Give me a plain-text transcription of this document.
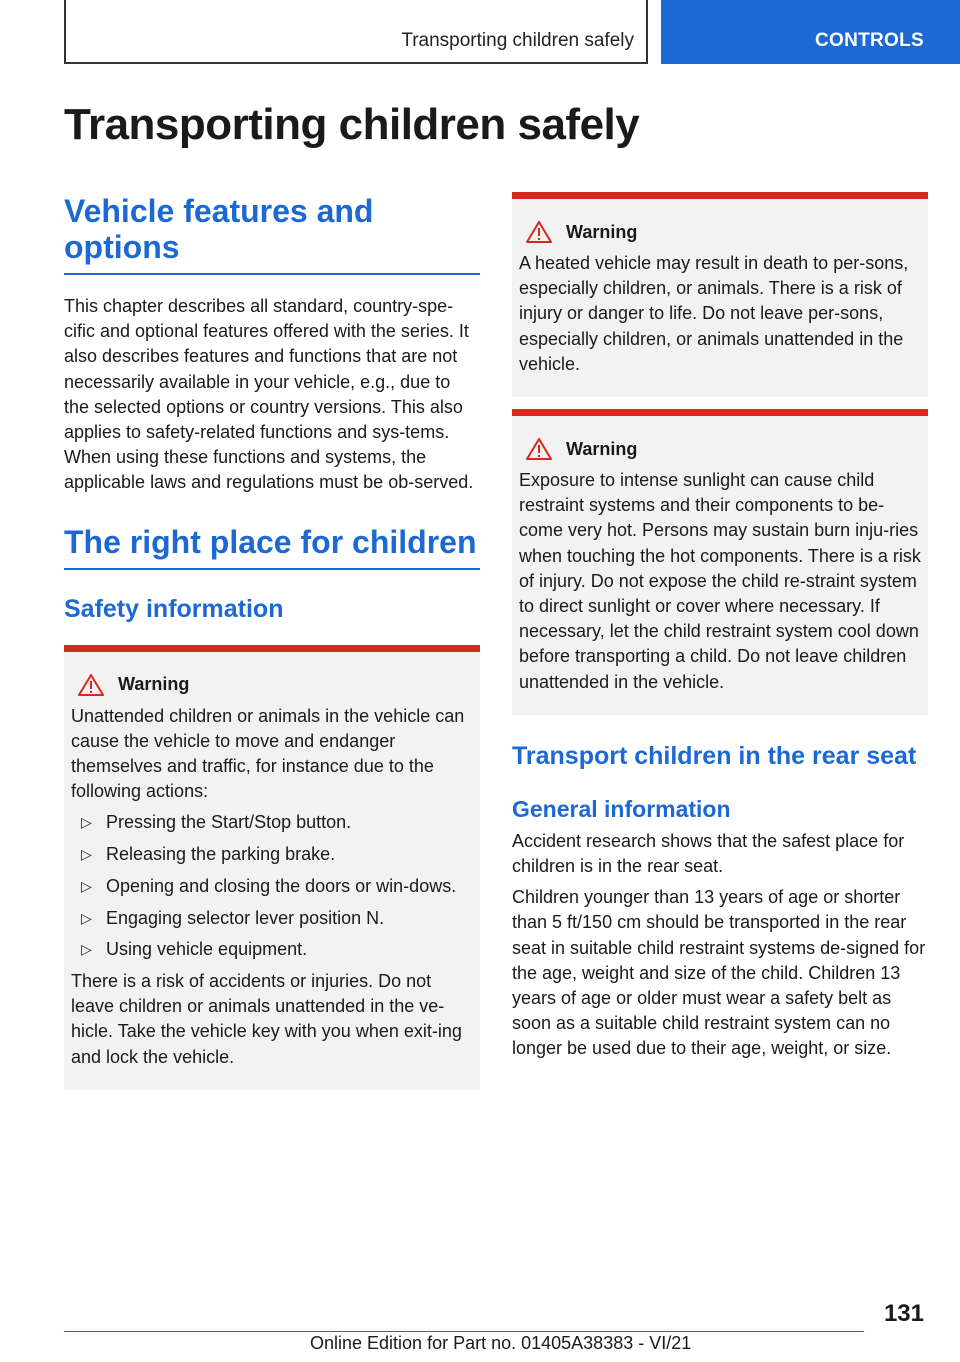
Transporting children safely	CONTROLS
Transporting children safely
Vehicle features and options

This chapter describes all standard, country-spe-cific and optional features offered with the series. It also describes features and functions that are not necessarily available in your vehicle, e.g., due to the selected options or country versions. This also applies to safety-related functions and sys-tems. When using these functions and systems, the applicable laws and regulations must be ob-served.

The right place for children
Safety information
Warning

Unattended children or animals in the vehicle can cause the vehicle to move and endanger themselves and traffic, for instance due to the following actions:

▷ Pressing the Start/Stop button.
▷ Releasing the parking brake.
▷ Opening and closing the doors or win-dows.
▷ Engaging selector lever position N.
▷ Using vehicle equipment.

There is a risk of accidents or injuries. Do not leave children or animals unattended in the ve-hicle. Take the vehicle key with you when exit-ing and lock the vehicle.

Warning

A heated vehicle may result in death to per-sons, especially children, or animals. There is a risk of injury or danger to life. Do not leave per-sons, especially children, or animals unattended in the vehicle.

Warning

Exposure to intense sunlight can cause child restraint systems and their components to be-come very hot. Persons may sustain burn inju-ries when touching the hot components. There is a risk of injury. Do not expose the child re-straint system to direct sunlight or cover where necessary. If necessary, let the child restraint system cool down before transporting a child. Do not leave children unattended in the vehicle.

Transport children in the rear seat
General information

Accident research shows that the safest place for children is in the rear seat.

Children younger than 13 years of age or shorter than 5 ft/150 cm should be transported in the rear seat in suitable child restraint systems de-signed for the age, weight and size of the child. Children 13 years of age or older must wear a safety belt as soon as a suitable child restraint system can no longer be used due to their age, weight, or size.

131
Online Edition for Part no. 01405A38383 - VI/21
